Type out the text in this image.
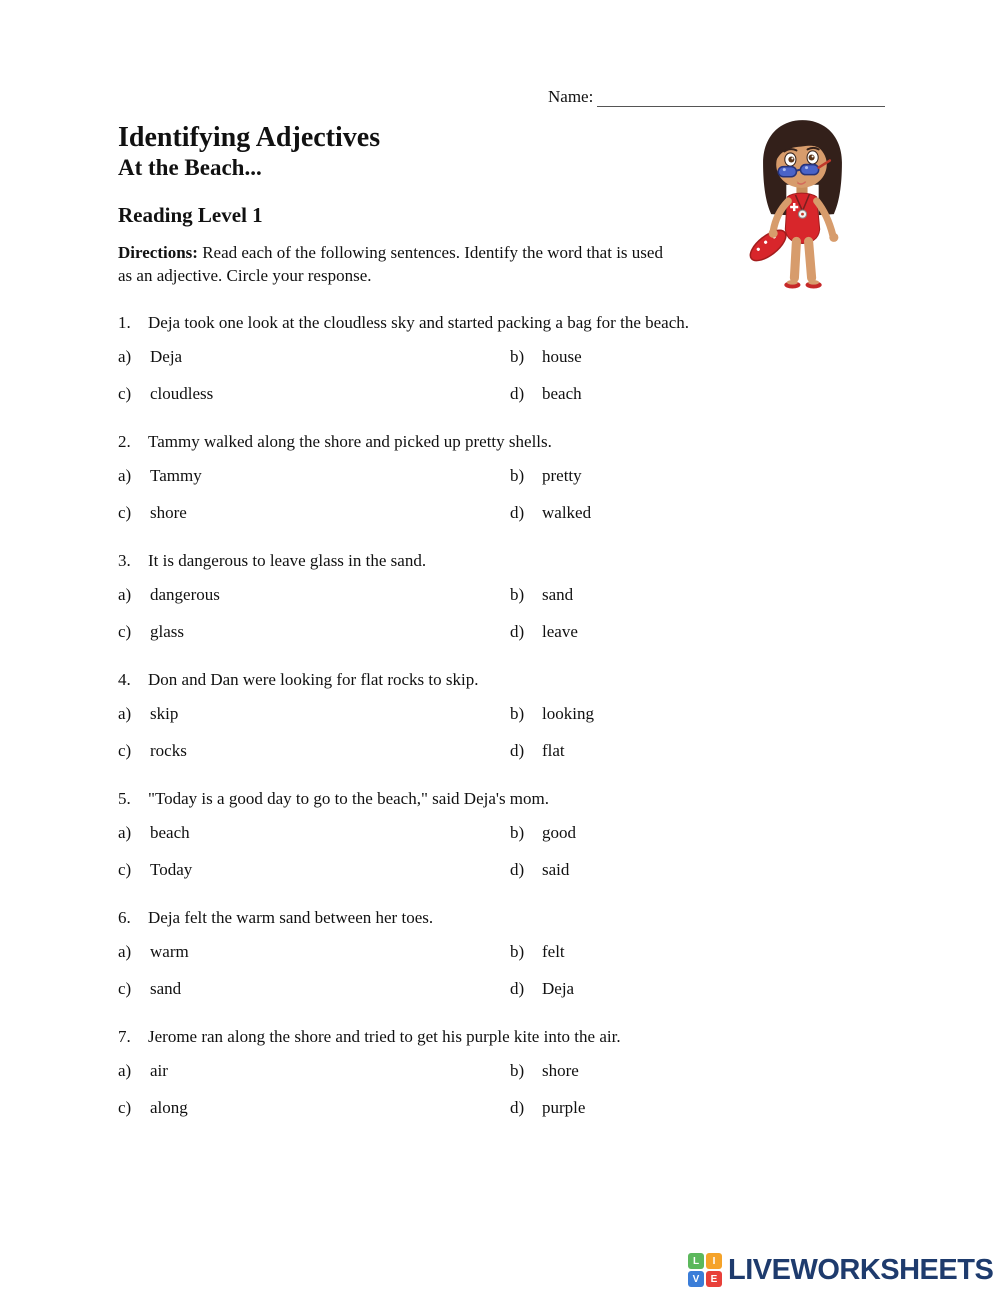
Name:
Identifying Adjectives
At the Beach...
Reading Level 1
Directions: Read each of the following sentences. Identify the word that is used as an adjective. Circle your response.
1.	Deja took one look at the cloudless sky and started packing a bag for the beach.
a)	Deja	b)	house
c)	cloudless	d)	beach
2.	Tammy walked along the shore and picked up pretty shells.
a)	Tammy	b)	pretty
c)	shore	d)	walked
3.	It is dangerous to leave glass in the sand.
a)	dangerous	b)	sand
c)	glass	d)	leave
4.	Don and Dan were looking for flat rocks to skip.
a)	skip	b)	looking
c)	rocks	d)	flat
5.	"Today is a good day to go to the beach," said Deja's mom.
a)	beach	b)	good
c)	Today	d)	said
6.	Deja felt the warm sand between her toes.
a)	warm	b)	felt
c)	sand	d)	Deja
7.	Jerome ran along the shore and tried to get his purple kite into the air.
a)	air	b)	shore
c)	along	d)	purple
L	I
V	E LIVEWORKSHEETS
